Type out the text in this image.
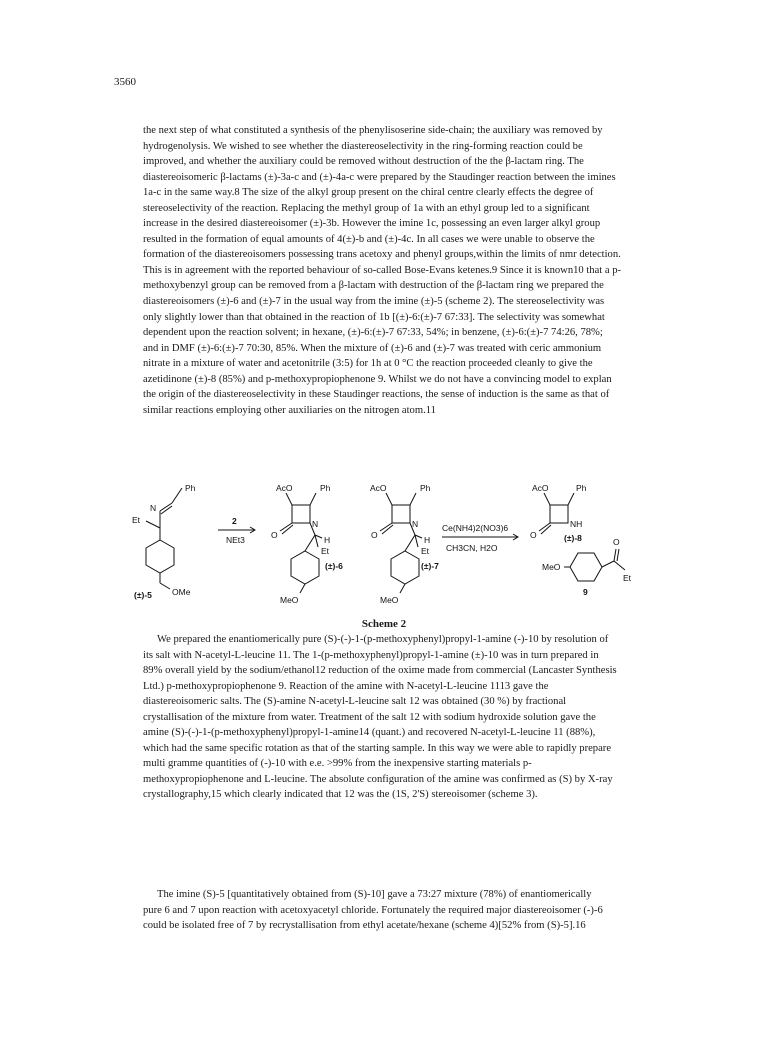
3560

the next step of what constituted a synthesis of the phenylisoserine side-chain; the auxiliary was removed by
hydrogenolysis. We wished to see whether the diastereoselectivity in the ring-forming reaction could be
improved, and whether the auxiliary could be removed without destruction of the the β-lactam ring. The
diastereoisomeric β-lactams (±)-3a-c and (±)-4a-c were prepared by the Staudinger reaction between the imines
1a-c in the same way.8 The size of the alkyl group present on the chiral centre clearly effects the degree of
stereoselectivity of the reaction. Replacing the methyl group of 1a with an ethyl group led to a significant
increase in the desired diastereoisomer (±)-3b. However the imine 1c, possessing an even larger alkyl group
resulted in the formation of equal amounts of 4(±)-b and (±)-4c. In all cases we were unable to observe the
formation of the diastereoisomers possessing trans acetoxy and phenyl groups,within the limits of nmr detection.
This is in agreement with the reported behaviour of so-called Bose-Evans ketenes.9 Since it is known10 that a p-
methoxybenzyl group can be removed from a β-lactam with destruction of the β-lactam ring we prepared the
diastereoisomers (±)-6 and (±)-7 in the usual way from the imine (±)-5 (scheme 2). The stereoselectivity was
only slightly lower than that obtained in the reaction of 1b [(±)-6:(±)-7 67:33]. The selectivity was somewhat
dependent upon the reaction solvent; in hexane, (±)-6:(±)-7 67:33, 54%; in benzene, (±)-6:(±)-7 74:26, 78%;
and in DMF (±)-6:(±)-7 70:30, 85%. When the mixture of (±)-6 and (±)-7 was treated with ceric ammonium
nitrate in a mixture of water and acetonitrile (3:5) for 1h at 0 °C the reaction proceeded cleanly to give the
azetidinone (±)-8 (85%) and p-methoxypropiophenone 9. Whilst we do not have a convincing model to explan
the origin of the diastereoselectivity in these Staudinger reactions, the sense of induction is the same as that of
similar reactions employing other auxiliaries on the nitrogen atom.11

Ph
N
Et
OMe
(±)-5
2
NEt3
AcO	Ph
O
N
H
Et
(±)-6
MeO
AcO	Ph
O
N
H
Et
(±)-7
MeO
Ce(NH4)2(NO3)6
CH3CN, H2O
AcO	Ph
O
NH
(±)-8	O
MeO
Et
9
Scheme 2

We prepared the enantiomerically pure (S)-(-)-1-(p-methoxyphenyl)propyl-1-amine (-)-10 by resolution of
its salt with N-acetyl-L-leucine 11. The 1-(p-methoxyphenyl)propyl-1-amine (±)-10 was in turn prepared in
89% overall yield by the sodium/ethanol12 reduction of the oxime made from commercial (Lancaster Synthesis
Ltd.) p-methoxypropiophenone 9. Reaction of the amine with N-acetyl-L-leucine 1113 gave the
diastereoisomeric salts. The (S)-amine N-acetyl-L-leucine salt 12 was obtained (30 %) by fractional
crystallisation of the mixture from water. Treatment of the salt 12 with sodium hydroxide solution gave the
amine (S)-(-)-1-(p-methoxyphenyl)propyl-1-amine14 (quant.) and recovered N-acetyl-L-leucine 11 (88%),
which had the same specific rotation as that of the starting sample. In this way we were able to rapidly prepare
multi gramme quantities of (-)-10 with e.e. >99% from the inexpensive starting materials p-
methoxypropiophenone and L-leucine. The absolute configuration of the amine was confirmed as (S) by X-ray
crystallography,15 which clearly indicated that 12 was the (1S, 2'S) stereoisomer (scheme 3).

The imine (S)-5 [quantitatively obtained from (S)-10] gave a 73:27 mixture (78%) of enantiomerically
pure 6 and 7 upon reaction with acetoxyacetyl chloride. Fortunately the required major diastereoisomer (-)-6
could be isolated free of 7 by recrystallisation from ethyl acetate/hexane (scheme 4)[52% from (S)-5].16
